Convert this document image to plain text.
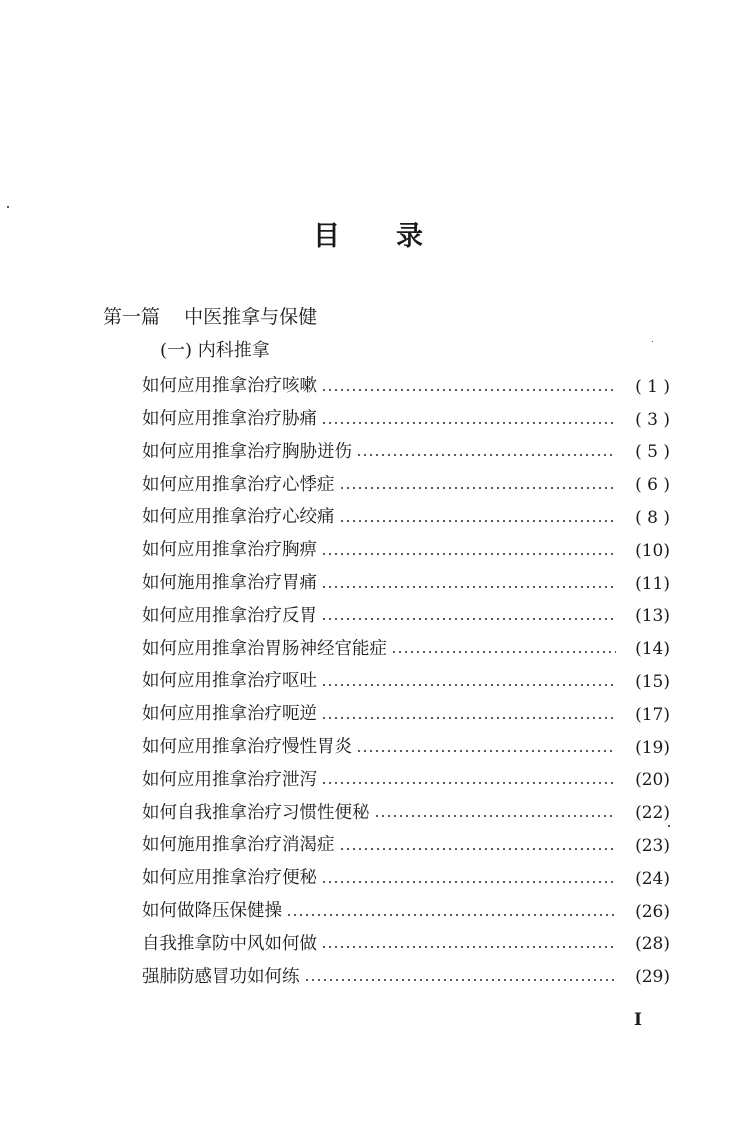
目 录
第一篇    中医推拿与保健
(一) 内科推拿
如何应用推拿治疗咳嗽	( 1 )
如何应用推拿治疗胁痛	( 3 )
如何应用推拿治疗胸胁迸伤	( 5 )
如何应用推拿治疗心悸症	( 6 )
如何应用推拿治疗心绞痛	( 8 )
如何应用推拿治疗胸痹	(10)
如何施用推拿治疗胃痛	(11)
如何应用推拿治疗反胃	(13)
如何应用推拿治胃肠神经官能症	(14)
如何应用推拿治疗呕吐	(15)
如何应用推拿治疗呃逆	(17)
如何应用推拿治疗慢性胃炎	(19)
如何应用推拿治疗泄泻	(20)
如何自我推拿治疗习惯性便秘	(22)
如何施用推拿治疗消渴症	(23)
如何应用推拿治疗便秘	(24)
如何做降压保健操	(26)
自我推拿防中风如何做	(28)
强肺防感冒功如何练	(29)
I
